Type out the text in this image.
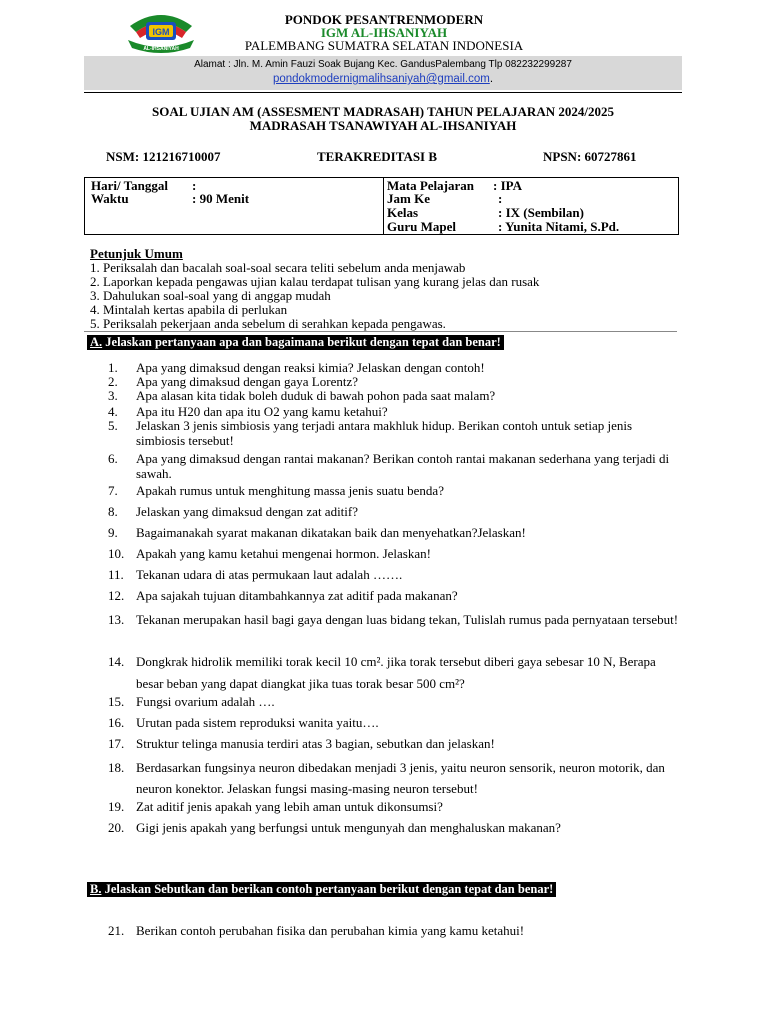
IGM
AL-IHSANIYAH
PONDOK PESANTRENMODERN
IGM AL-IHSANIYAH
PALEMBANG SUMATRA SELATAN INDONESIA
Alamat : Jln. M. Amin Fauzi Soak Bujang Kec. GandusPalembang Tlp 082232299287
pondokmodernigmalihsaniyah@gmail.com.
SOAL UJIAN AM (ASSESMENT MADRASAH) TAHUN PELAJARAN 2024/2025
MADRASAH TSANAWIYAH AL-IHSANIYAH
NSM: 121216710007	TERAKREDITASI B	NPSN: 60727861
Hari/ Tanggal :
Waktu	: 90 Menit
Mata Pelajaran : IPA
Jam Ke	:
Kelas	: IX (Sembilan)
Guru Mapel	: Yunita Nitami, S.Pd.
Petunjuk Umum
1. Periksalah dan bacalah soal-soal secara teliti sebelum anda menjawab
2. Laporkan kepada pengawas ujian kalau terdapat tulisan yang kurang jelas dan rusak
3. Dahulukan soal-soal yang di anggap mudah
4. Mintalah kertas apabila di perlukan
5. Periksalah pekerjaan anda sebelum di serahkan kepada pengawas.
A. Jelaskan pertanyaan apa dan bagaimana berikut dengan tepat dan benar!
1.	Apa yang dimaksud dengan reaksi kimia? Jelaskan dengan contoh!
2.	Apa yang dimaksud dengan gaya Lorentz?
3.	Apa alasan kita tidak boleh duduk di bawah pohon pada saat malam?
4.	Apa itu H20 dan apa itu O2 yang kamu ketahui?
5.	Jelaskan 3 jenis simbiosis yang terjadi antara makhluk hidup. Berikan contoh untuk setiap jenis simbiosis tersebut!
6.	Apa yang dimaksud dengan rantai makanan? Berikan contoh rantai makanan sederhana yang terjadi di sawah.
7.	Apakah rumus untuk menghitung massa jenis suatu benda?
8.	Jelaskan yang dimaksud dengan zat aditif?
9.	Bagaimanakah syarat makanan dikatakan baik dan menyehatkan?Jelaskan!
10. Apakah yang kamu ketahui mengenai hormon. Jelaskan!
11. Tekanan udara di atas permukaan laut adalah …….
12. Apa sajakah tujuan ditambahkannya zat aditif pada makanan?
13. Tekanan merupakan hasil bagi gaya dengan luas bidang tekan, Tulislah rumus pada pernyataan tersebut!
14. Dongkrak hidrolik memiliki torak kecil 10 cm². jika torak tersebut diberi gaya sebesar 10 N, Berapa besar beban yang dapat diangkat jika tuas torak besar 500 cm²?
15. Fungsi ovarium adalah ….
16. Urutan pada sistem reproduksi wanita yaitu….
17. Struktur telinga manusia terdiri atas 3 bagian, sebutkan dan jelaskan!
18. Berdasarkan fungsinya neuron dibedakan menjadi 3 jenis, yaitu neuron sensorik, neuron motorik, dan neuron konektor. Jelaskan fungsi masing-masing neuron tersebut!
19. Zat aditif jenis apakah yang lebih aman untuk dikonsumsi?
20. Gigi jenis apakah yang berfungsi untuk mengunyah dan menghaluskan makanan?
B. Jelaskan Sebutkan dan berikan contoh pertanyaan berikut dengan tepat dan benar!
21. Berikan contoh perubahan fisika dan perubahan kimia yang kamu ketahui!
